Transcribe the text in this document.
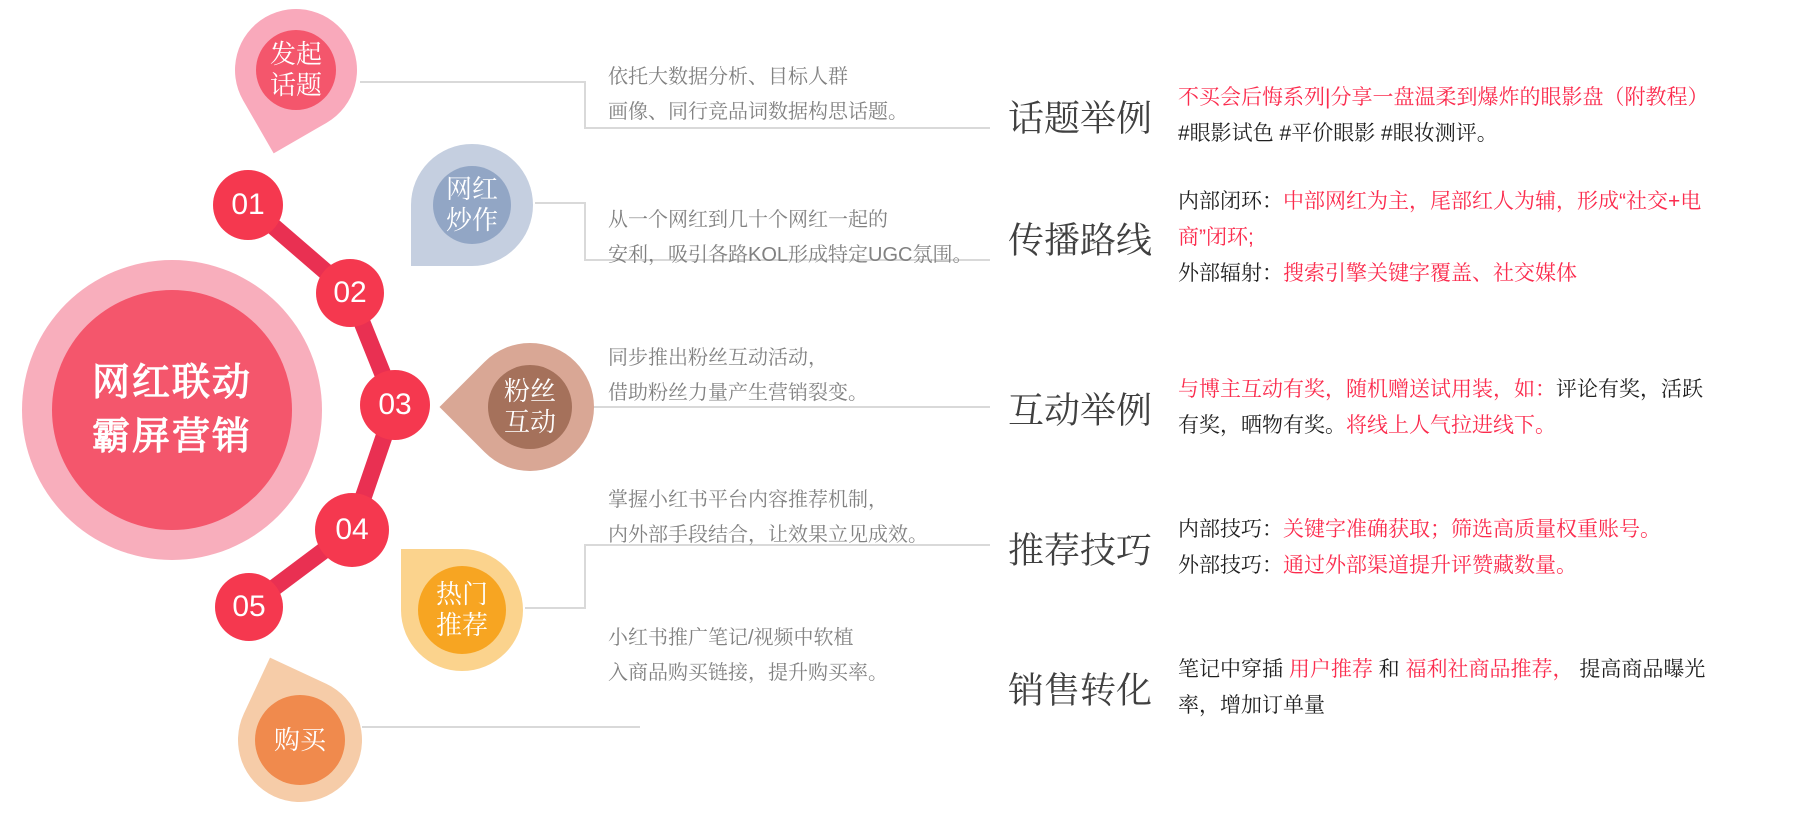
网红联动
霸屏营销
01
02
03
04
05
发起
话题
网红
炒作
粉丝
互动
热门
推荐
购买
依托大数据分析、目标人群
画像、同行竞品词数据构思话题。
从一个网红到几十个网红一起的
安利，吸引各路KOL形成特定UGC氛围。
同步推出粉丝互动活动，
借助粉丝力量产生营销裂变。
掌握小红书平台内容推荐机制，
内外部手段结合，让效果立见成效。
小红书推广笔记/视频中软植
入商品购买链接，提升购买率。
话题举例 不买会后悔系列|分享一盘温柔到爆炸的眼影盘（附教程）
#眼影试色 #平价眼影 #眼妆测评。
传播路线
内部闭环：中部网红为主，尾部红人为辅，形成“社交+电
商”闭环;
外部辐射：搜索引擎关键字覆盖、社交媒体
互动举例 与博主互动有奖，随机赠送试用装，如：评论有奖，活跃
有奖，晒物有奖。将线上人气拉进线下。
推荐技巧 内部技巧：关键字准确获取；筛选高质量权重账号。
外部技巧：通过外部渠道提升评赞藏数量。
销售转化 笔记中穿插 用户推荐 和 福利社商品推荐， 提高商品曝光
率，增加订单量
